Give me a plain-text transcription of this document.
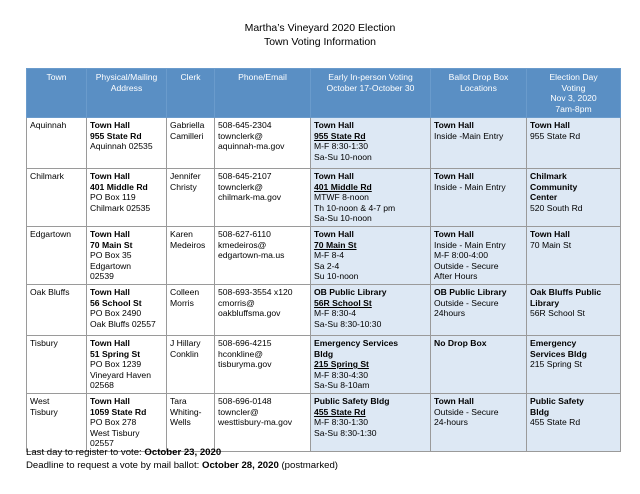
Martha’s Vineyard 2020 Election
Town Voting Information
Town	Physical/Mailing
Address	Clerk	Phone/Email	Early In-person Voting
October 17-October 30	Ballot Drop Box
Locations	Election Day
Voting
Nov 3, 2020
7am-8pm

Aquinnah	Town Hall
955 State Rd
Aquinnah 02535	Gabriella
Camilleri	508-645-2304
townclerk@
aquinnah-ma.gov	Town Hall
955 State Rd
M-F 8:30-1:30
Sa-Su 10-noon	Town Hall
Inside -Main Entry	Town Hall
955 State Rd

Chilmark	Town Hall
401 Middle Rd
PO Box 119
Chilmark 02535	Jennifer
Christy	508-645-2107
townclerk@
chilmark-ma.gov	Town Hall
401 Middle Rd
MTWF 8-noon
Th 10-noon & 4-7 pm
Sa-Su 10-noon	Town Hall
Inside - Main Entry	Chilmark
Community
Center
520 South Rd

Edgartown	Town Hall
70 Main St
PO Box 35
Edgartown
02539	Karen
Medeiros	508-627-6110
kmedeiros@
edgartown-ma.us	Town Hall
70 Main St
M-F 8-4
Sa 2-4
Su 10-noon	Town Hall
Inside - Main Entry
M-F 8:00-4:00
Outside - Secure
After Hours	Town Hall
70 Main St

Oak Bluffs	Town Hall
56 School St
PO Box 2490
Oak Bluffs 02557	Colleen
Morris	508-693-3554 x120
cmorris@
oakbluffsma.gov	OB Public Library
56R School St
M-F 8:30-4
Sa-Su 8:30-10:30	OB Public Library
Outside - Secure
24hours	Oak Bluffs Public
Library
56R School St

Tisbury	Town Hall
51 Spring St
PO Box 1239
Vineyard Haven
02568	J Hillary
Conklin	508-696-4215
hconkline@
tisburyma.gov	Emergency Services
Bldg
215 Spring St
M-F 8:30-4:30
Sa-Su 8-10am	No Drop Box	Emergency
Services Bldg
215 Spring St

West
Tisbury	Town Hall
1059 State Rd
PO Box 278
West Tisbury
02557	Tara
Whiting-
Wells	508-696-0148
towncler@
westtisbury-ma.gov	Public Safety Bldg
455 State Rd
M-F 8:30-1:30
Sa-Su 8:30-1:30	Town Hall
Outside - Secure
24-hours	Public Safety
Bldg
455 State Rd
Last day to register to vote: October 23, 2020
Deadline to request a vote by mail ballot: October 28, 2020 (postmarked)
